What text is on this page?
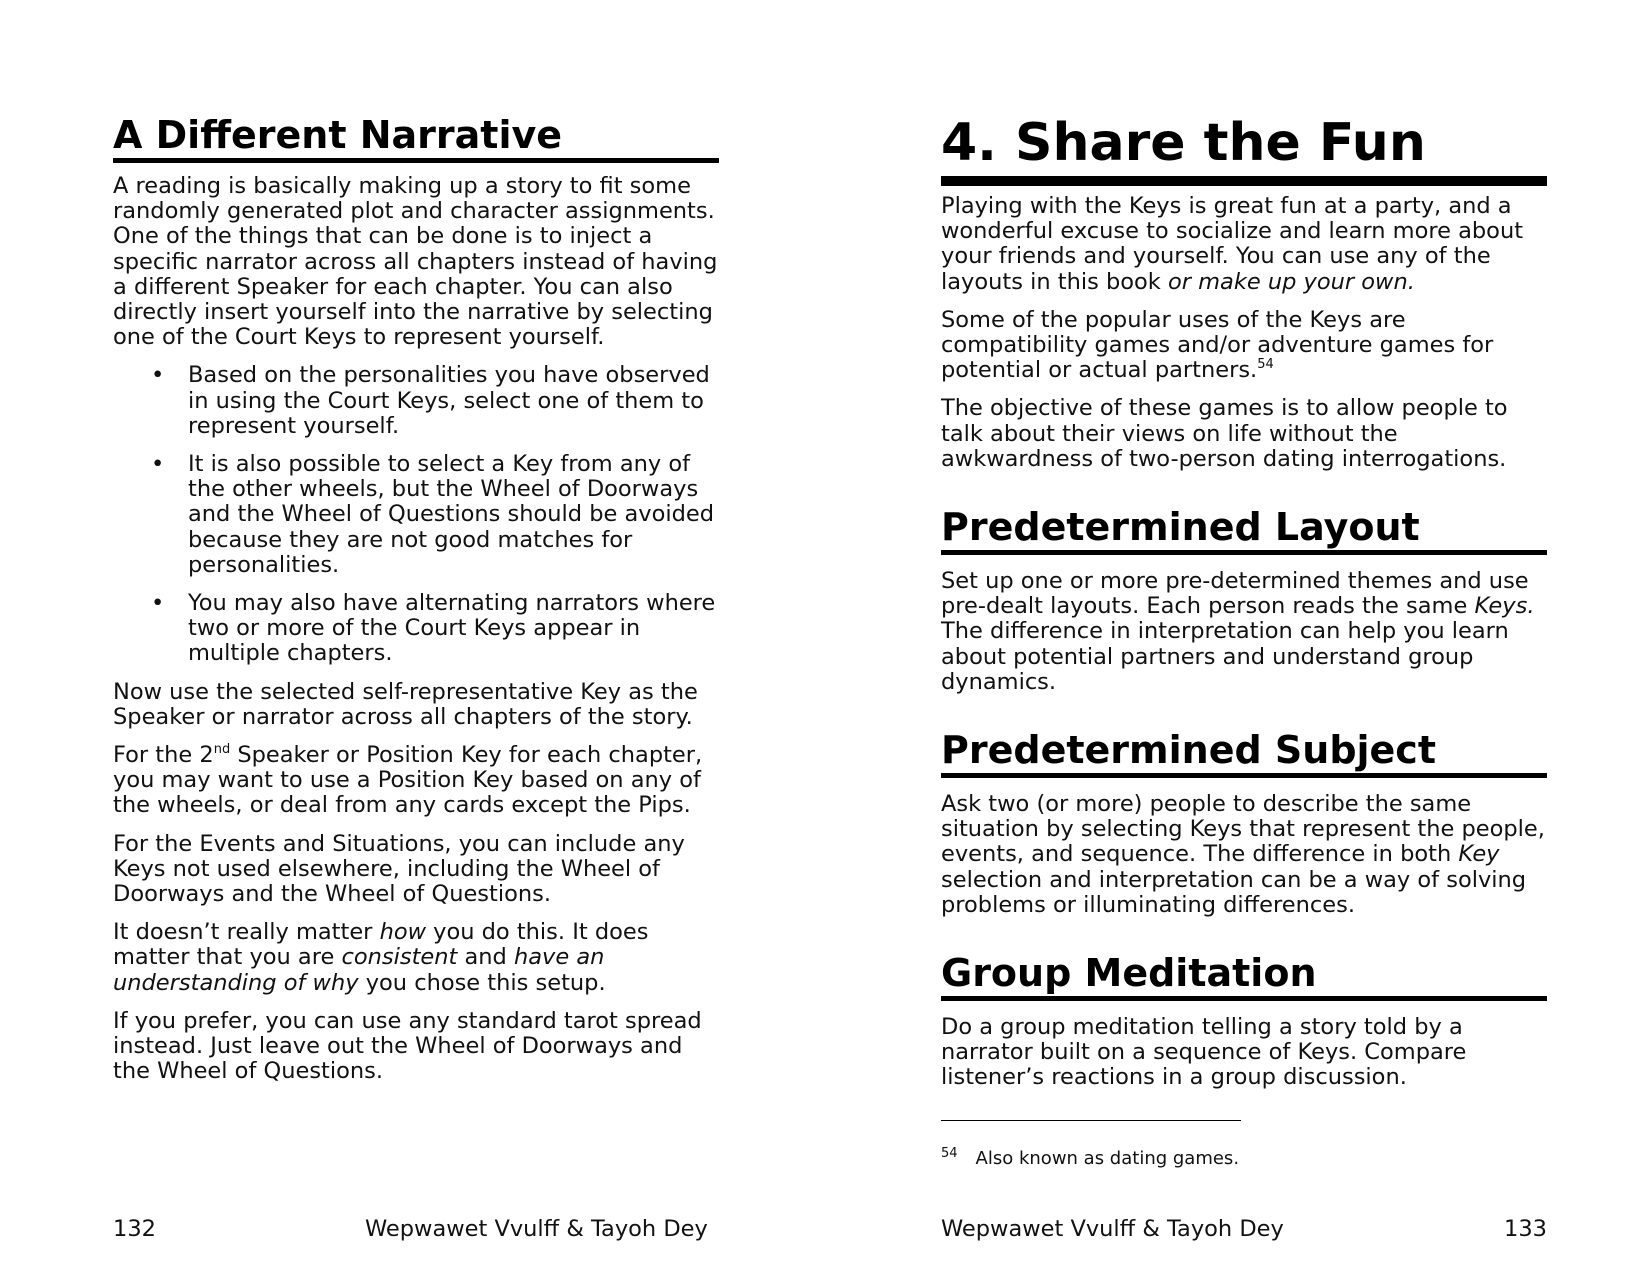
A Different Narrative

A reading is basically making up a story to fit some randomly generated plot and character assignments. One of the things that can be done is to inject a specific narrator across all chapters instead of having a different Speaker for each chapter. You can also directly insert yourself into the narrative by selecting one of the Court Keys to represent yourself.

• Based on the personalities you have observed in using the Court Keys, select one of them to represent yourself.
• It is also possible to select a Key from any of the other wheels, but the Wheel of Doorways and the Wheel of Questions should be avoided because they are not good matches for personalities.
• You may also have alternating narrators where two or more of the Court Keys appear in multiple chapters.

Now use the selected self-representative Key as the Speaker or narrator across all chapters of the story.

For the 2nd Speaker or Position Key for each chapter, you may want to use a Position Key based on any of the wheels, or deal from any cards except the Pips.

For the Events and Situations, you can include any Keys not used elsewhere, including the Wheel of Doorways and the Wheel of Questions.

It doesn’t really matter how you do this. It does matter that you are consistent and have an understanding of why you chose this setup.

If you prefer, you can use any standard tarot spread instead. Just leave out the Wheel of Doorways and the Wheel of Questions.

132	Wepwawet Vvulff & Tayoh Dey
4. Share the Fun

Playing with the Keys is great fun at a party, and a wonderful excuse to socialize and learn more about your friends and yourself. You can use any of the layouts in this book or make up your own.

Some of the popular uses of the Keys are compatibility games and/or adventure games for potential or actual partners.$^{54}$

The objective of these games is to allow people to talk about their views on life without the awkwardness of two-person dating interrogations.

Predetermined Layout

Set up one or more pre-determined themes and use pre-dealt layouts. Each person reads the same Keys. The difference in interpretation can help you learn about potential partners and understand group dynamics.

Predetermined Subject

Ask two (or more) people to describe the same situation by selecting Keys that represent the people, events, and sequence. The difference in both Key selection and interpretation can be a way of solving problems or illuminating differences.

Group Meditation

Do a group meditation telling a story told by a narrator built on a sequence of Keys. Compare listener’s reactions in a group discussion.

$^{54}$ Also known as dating games.
Wepwawet Vvulff & Tayoh Dey	133
